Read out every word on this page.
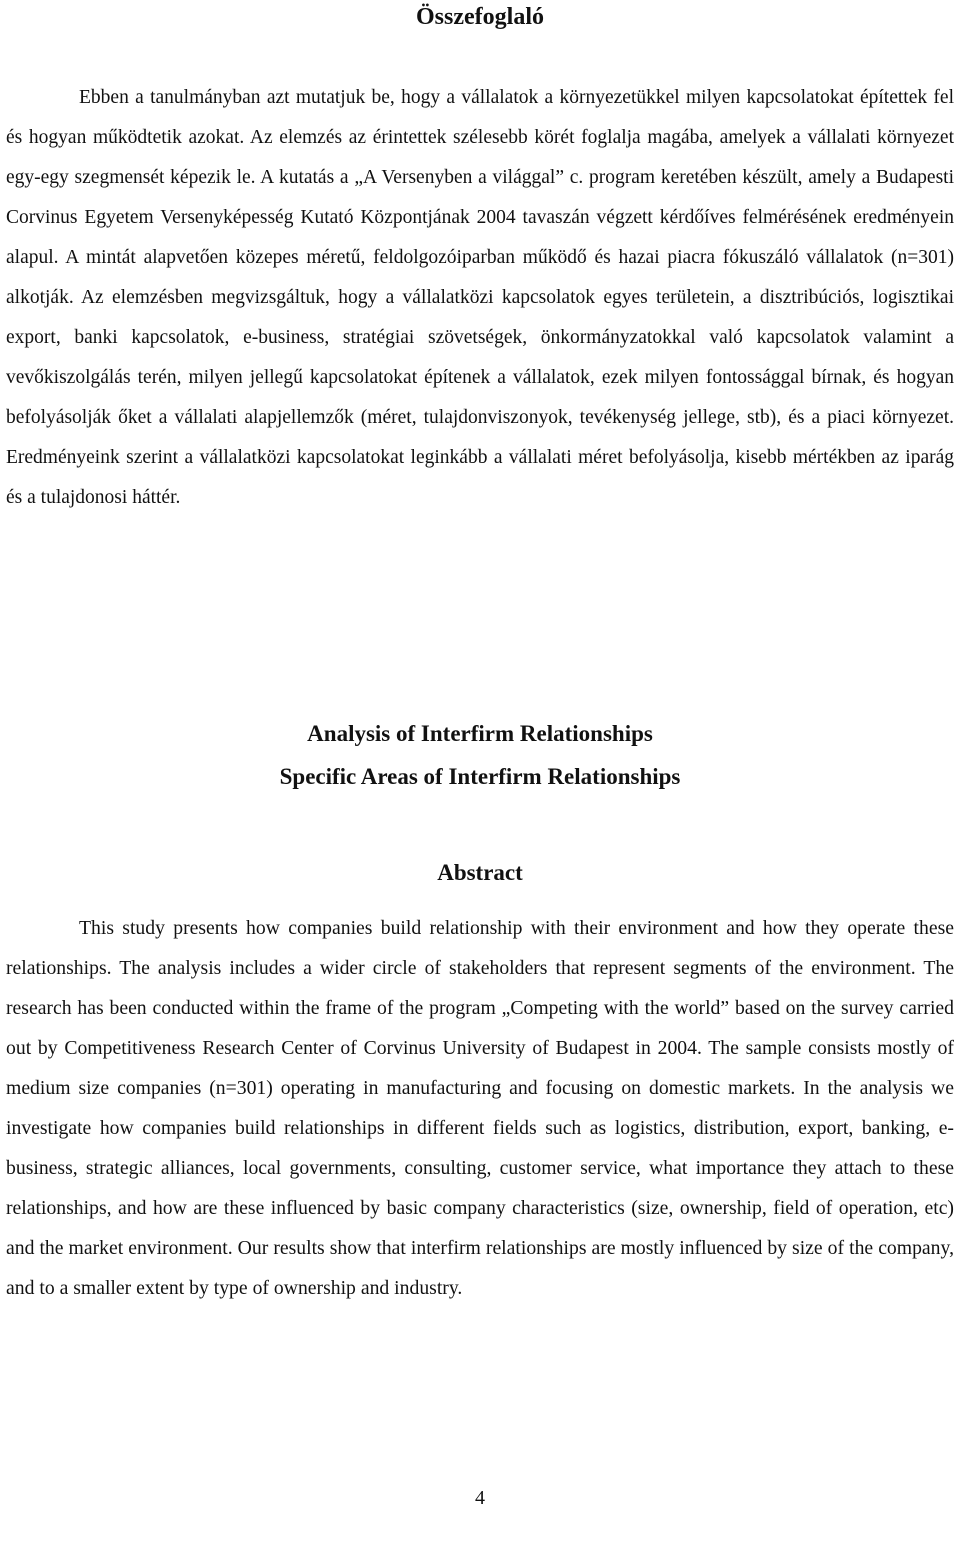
Összefoglaló

Ebben a tanulmányban azt mutatjuk be, hogy a vállalatok a környezetükkel milyen kapcsolatokat építettek fel és hogyan működtetik azokat. Az elemzés az érintettek szélesebb körét foglalja magába, amelyek a vállalati környezet egy-egy szegmensét képezik le. A kutatás a „A Versenyben a világgal” c. program keretében készült, amely a Budapesti Corvinus Egyetem Versenyképesség Kutató Központjának 2004 tavaszán végzett kérdőíves felmérésének eredményein alapul. A mintát alapvetően közepes méretű, feldolgozóiparban működő és hazai piacra fókuszáló vállalatok (n=301) alkotják. Az elemzésben megvizsgáltuk, hogy a vállalatközi kapcsolatok egyes területein, a disztribúciós, logisztikai export, banki kapcsolatok, e-business, stratégiai szövetségek, önkormányzatokkal való kapcsolatok valamint a vevőkiszolgálás terén, milyen jellegű kapcsolatokat építenek a vállalatok, ezek milyen fontossággal bírnak, és hogyan befolyásolják őket a vállalati alapjellemzők (méret, tulajdonviszonyok, tevékenység jellege, stb), és a piaci környezet. Eredményeink szerint a vállalatközi kapcsolatokat leginkább a vállalati méret befolyásolja, kisebb mértékben az iparág és a tulajdonosi háttér.

Analysis of Interfirm Relationships
Specific Areas of Interfirm Relationships
Abstract

This study presents how companies build relationship with their environment and how they operate these relationships. The analysis includes a wider circle of stakeholders that represent segments of the environment. The research has been conducted within the frame of the program „Competing with the world” based on the survey carried out by Competitiveness Research Center of Corvinus University of Budapest in 2004. The sample consists mostly of medium size companies (n=301) operating in manufacturing and focusing on domestic markets. In the analysis we investigate how companies build relationships in different fields such as logistics, distribution, export, banking, e-business, strategic alliances, local governments, consulting, customer service, what importance they attach to these relationships, and how are these influenced by basic company characteristics (size, ownership, field of operation, etc) and the market environment. Our results show that interfirm relationships are mostly influenced by size of the company, and to a smaller extent by type of ownership and industry.

4
